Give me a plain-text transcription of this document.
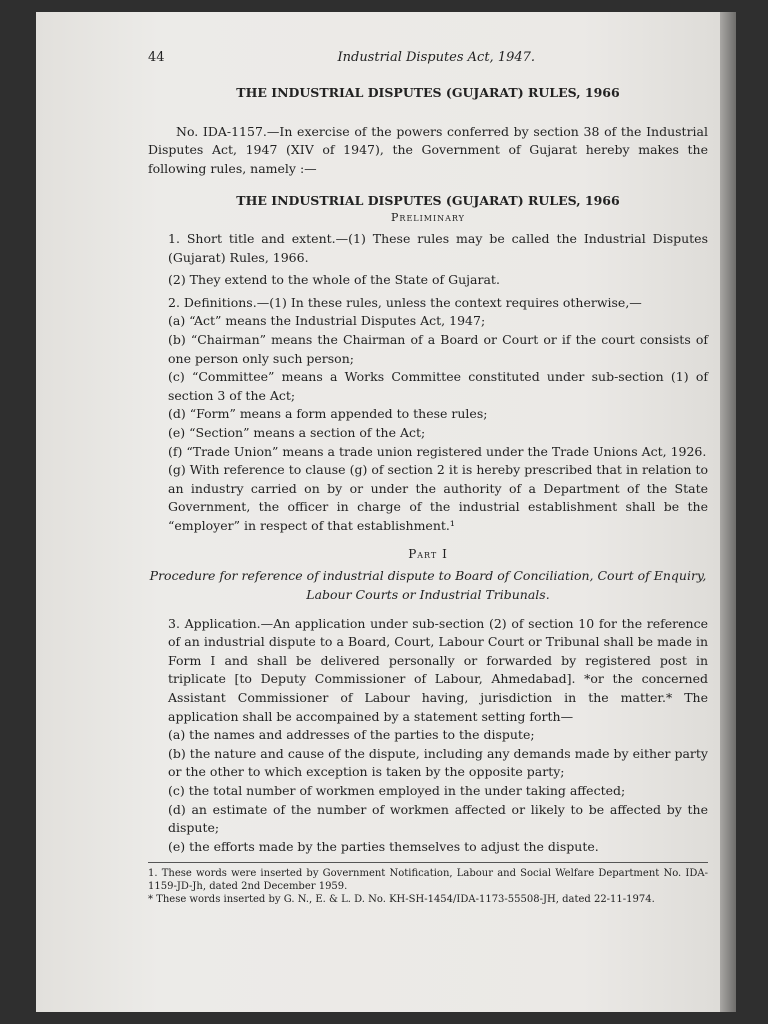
44	Industrial Disputes Act, 1947.
THE INDUSTRIAL DISPUTES (GUJARAT) RULES, 1966
No. IDA-1157.—In exercise of the powers conferred by section 38 of the Industrial Disputes Act, 1947 (XIV of 1947), the Government of Gujarat hereby makes the following rules, namely :—
THE INDUSTRIAL DISPUTES (GUJARAT) RULES, 1966
Preliminary
1. Short title and extent.—(1) These rules may be called the Industrial Disputes (Gujarat) Rules, 1966.
(2) They extend to the whole of the State of Gujarat.
2. Definitions.—(1) In these rules, unless the context requires otherwise,—
(a) “Act” means the Industrial Disputes Act, 1947;
(b) “Chairman” means the Chairman of a Board or Court or if the court consists of one person only such person;
(c) “Committee” means a Works Committee constituted under sub-section (1) of section 3 of the Act;
(d) “Form” means a form appended to these rules;
(e) “Section” means a section of the Act;
(f) “Trade Union” means a trade union registered under the Trade Unions Act, 1926.
(g) With reference to clause (g) of section 2 it is hereby prescribed that in relation to an industry carried on by or under the authority of a Department of the State Government, the officer in charge of the industrial establishment shall be the “employer” in respect of that establishment.¹
Part I
Procedure for reference of industrial dispute to Board of Conciliation, Court of Enquiry, Labour Courts or Industrial Tribunals.
3. Application.—An application under sub-section (2) of section 10 for the reference of an industrial dispute to a Board, Court, Labour Court or Tribunal shall be made in Form I and shall be delivered personally or forwarded by registered post in triplicate [to Deputy Commissioner of Labour, Ahmedabad]. *or the concerned Assistant Commissioner of Labour having, jurisdiction in the matter.* The application shall be accompained by a statement setting forth—
(a) the names and addresses of the parties to the dispute;
(b) the nature and cause of the dispute, including any demands made by either party or the other to which exception is taken by the opposite party;
(c) the total number of workmen employed in the under taking affected;
(d) an estimate of the number of workmen affected or likely to be affected by the dispute;
(e) the efforts made by the parties themselves to adjust the dispute.
1. These words were inserted by Government Notification, Labour and Social Welfare Department No. IDA-1159-JD-Jh, dated 2nd December 1959.
* These words inserted by G. N., E. & L. D. No. KH-SH-1454/IDA-1173-55508-JH, dated 22-11-1974.
